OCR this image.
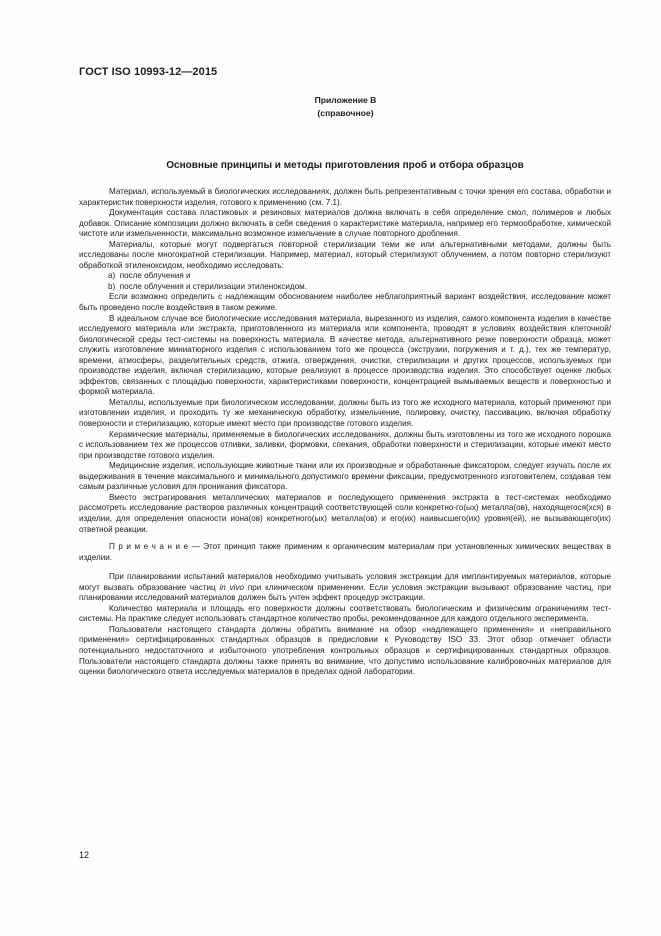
ГОСТ ISO 10993-12—2015
Приложение В
(справочное)
Основные принципы и методы приготовления проб и отбора образцов

Материал, используемый в биологических исследованиях, должен быть репрезентативным с точки зрения его состава, обработки и характеристик поверхности изделия, готового к применению (см. 7.1).

Документация состава пластиковых и резиновых материалов должна включать в себя определение смол, полимеров и любых добавок. Описание композиции должно включать в себя сведения о характеристике материала, например его термообработке, химической чистоте или измельченности, максимально возможное измельчение в случае повторного дробления.

Материалы, которые могут подвергаться повторной стерилизации теми же или альтернативными методами, должны быть исследованы после многократной стерилизации. Например, материал, который стерилизуют облучением, а потом повторно стерилизуют обработкой этиленоксидом, необходимо исследовать:

a) после облучения и

b) после облучения и стерилизации этиленоксидом.

Если возможно определить с надлежащим обоснованием наиболее неблагоприятный вариант воздействия, исследование может быть проведено после воздействия в таком режиме.

В идеальном случае все биологические исследования материала, вырезанного из изделия, самого компонента изделия в качестве исследуемого материала или экстракта, приготовленного из материала или компонента, проводят в условиях воздействия клеточной/биологической среды тест-системы на поверхность материала. В качестве метода, альтернативного резке поверхности образца, может служить изготовление миниатюрного изделия с использованием того же процесса (экструзии, погружения и т. д.), тех же температур, времени, атмосферы, разделительных средств, отжига, отверждения, очистки, стерилизации и других процессов, используемых при производстве изделия, включая стерилизацию, которые реализуют в процессе производства изделия. Это способствует оценке любых эффектов, связанных с площадью поверхности, характеристиками поверхности, концентрацией вымываемых веществ и поверхностью и формой материала.

Металлы, используемые при биологическом исследовании, должны быть из того же исходного материала, который применяют при изготовлении изделия, и проходить ту же механическую обработку, измельчение, полировку, очистку, пассивацию, включая обработку поверхности и стерилизацию, которые имеют место при производстве готового изделия.

Керамические материалы, применяемые в биологических исследованиях, должны быть изготовлены из того же исходного порошка с использованием тех же процессов отливки, заливки, формовки, спекания, обработки поверхности и стерилизации, которые имеют место при производстве готового изделия.

Медицинские изделия, использующие животные ткани или их производные и обработанные фиксатором, следует изучать после их выдерживания в течение максимального и минимального допустимого времени фиксации, предусмотренного изготовителем, создавая тем самым различные условия для проникания фиксатора.

Вместо экстрагирования металлических материалов и последующего применения экстракта в тест-системах необходимо рассмотреть исследование растворов различных концентраций соответствующей соли конкретно-го(ых) металла(ов), находящегося(хся) в изделии, для определения опасности иона(ов) конкретного(ых) металла(ов) и его(их) наивысшего(их) уровня(ей), не вызывающего(их) ответной реакции.

П р и м е ч а н и е — Этот принцип также применим к органическим материалам при установленных химических веществах в изделии.

При планировании испытаний материалов необходимо учитывать условия экстракции для имплантируемых материалов, которые могут вызвать образование частиц in vivo при клиническом применении. Если условия экстракции вызывают образование частиц, при планировании исследований материалов должен быть учтен эффект процедур экстракции.

Количество материала и площадь его поверхности должны соответствовать биологическим и физическим ограничениям тест-системы. На практике следует использовать стандартное количество пробы, рекомендованное для каждого отдельного эксперимента.

Пользователи настоящего стандарта должны обратить внимание на обзор «надлежащего применения» и «неправильного применения» сертифицированных стандартных образцов в предисловии к Руководству ISO 33. Этот обзор отмечает области потенциального недостаточного и избыточного употребления контрольных образцов и сертифицированных стандартных образцов. Пользователи настоящего стандарта должны также принять во внимание, что допустимо использование калибровочных материалов для оценки биологического ответа исследуемых материалов в пределах одной лаборатории.

12
